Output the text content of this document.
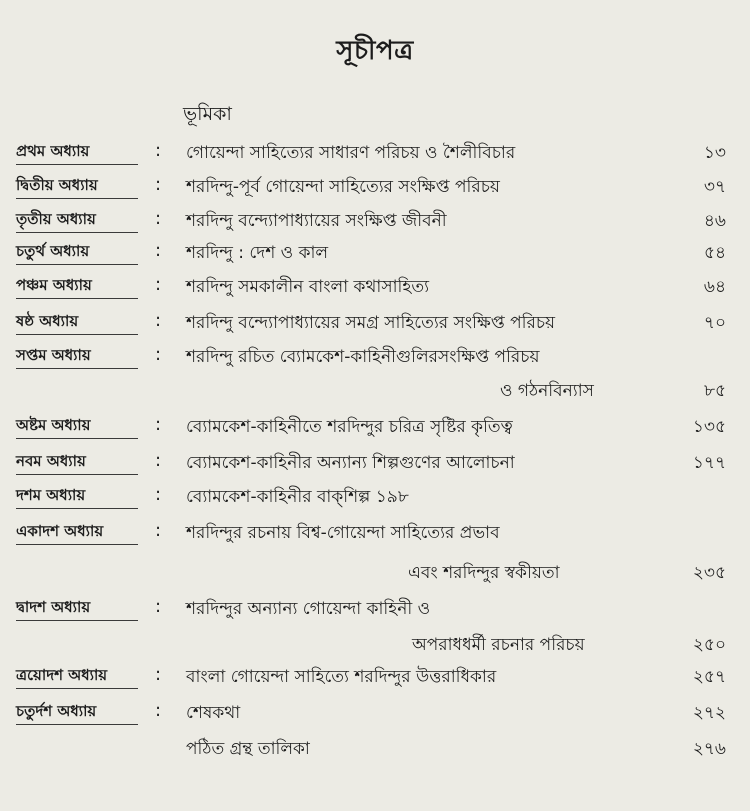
সূচীপত্র
ভূমিকা
প্রথম অধ্যায়	: গোয়েন্দা সাহিত্যের সাধারণ পরিচয় ও শৈলীবিচার	১৩
দ্বিতীয় অধ্যায়	: শরদিন্দু-পূর্ব গোয়েন্দা সাহিত্যের সংক্ষিপ্ত পরিচয়	৩৭
তৃতীয় অধ্যায়	: শরদিন্দু বন্দ্যোপাধ্যায়ের সংক্ষিপ্ত জীবনী	৪৬
চতুর্থ অধ্যায়	: শরদিন্দু : দেশ ও কাল	৫৪
পঞ্চম অধ্যায়	: শরদিন্দু সমকালীন বাংলা কথাসাহিত্য	৬৪
ষষ্ঠ অধ্যায়	: শরদিন্দু বন্দ্যোপাধ্যায়ের সমগ্র সাহিত্যের সংক্ষিপ্ত পরিচয়	৭০
সপ্তম অধ্যায়	: শরদিন্দু রচিত ব্যোমকেশ-কাহিনীগুলিরসংক্ষিপ্ত পরিচয়
ও গঠনবিন্যাস	৮৫
অষ্টম অধ্যায়	: ব্যোমকেশ-কাহিনীতে শরদিন্দুর চরিত্র সৃষ্টির কৃতিত্ব	১৩৫
নবম অধ্যায়	: ব্যোমকেশ-কাহিনীর অন্যান্য শিল্পগুণের আলোচনা	১৭৭
দশম অধ্যায়	: ব্যোমকেশ-কাহিনীর বাক্‌শিল্প ১৯৮
একাদশ অধ্যায়	: শরদিন্দুর রচনায় বিশ্ব-গোয়েন্দা সাহিত্যের প্রভাব
এবং শরদিন্দুর স্বকীয়তা	২৩৫
দ্বাদশ অধ্যায়	: শরদিন্দুর অন্যান্য গোয়েন্দা কাহিনী ও
অপরাধধর্মী রচনার পরিচয়	২৫০
ত্রয়োদশ অধ্যায়	: বাংলা গোয়েন্দা সাহিত্যে শরদিন্দুর উত্তরাধিকার	২৫৭
চতুর্দশ অধ্যায়	: শেষকথা	২৭২
পঠিত গ্রন্থ তালিকা	২৭৬
